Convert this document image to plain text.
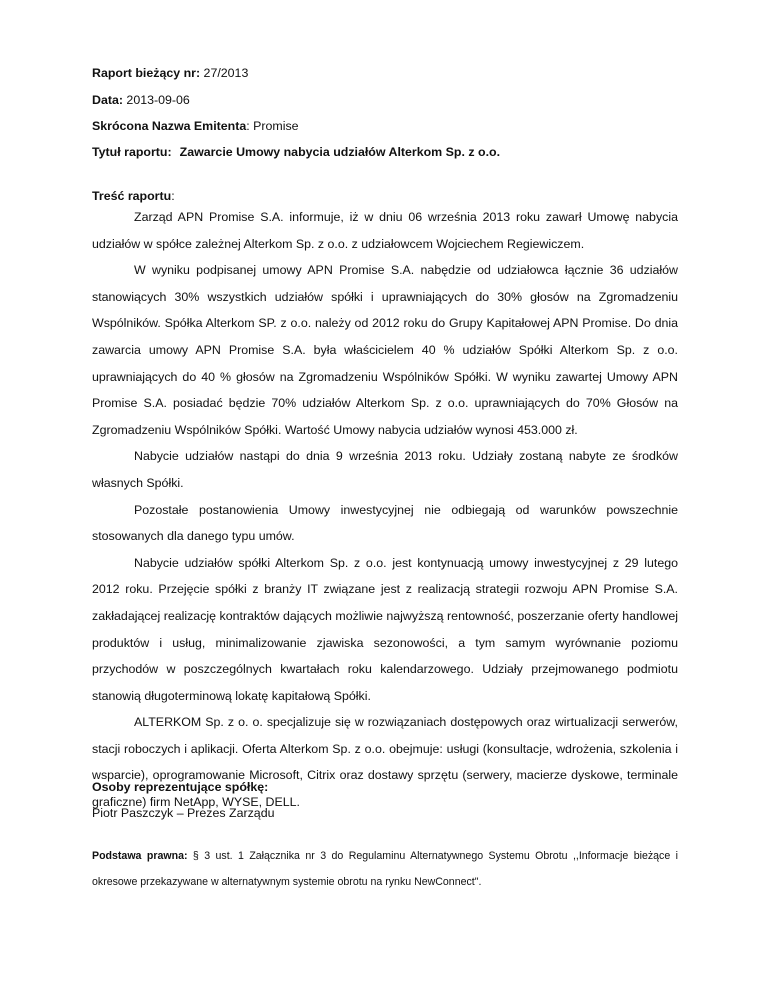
Raport bieżący nr: 27/2013
Data: 2013-09-06
Skrócona Nazwa Emitenta: Promise
Tytuł raportu: Zawarcie Umowy nabycia udziałów Alterkom Sp. z o.o.
Treść raportu:

Zarząd APN Promise S.A. informuje, iż w dniu 06 września 2013 roku zawarł Umowę nabycia udziałów w spółce zależnej Alterkom Sp. z o.o. z udziałowcem Wojciechem Regiewiczem.

W wyniku podpisanej umowy APN Promise S.A. nabędzie od udziałowca łącznie 36 udziałów stanowiących 30% wszystkich udziałów spółki i uprawniających do 30% głosów na Zgromadzeniu Wspólników. Spółka Alterkom SP. z o.o. należy od 2012 roku do Grupy Kapitałowej APN Promise. Do dnia zawarcia umowy APN Promise S.A. była właścicielem 40 % udziałów Spółki Alterkom Sp. z o.o. uprawniających do 40 % głosów na Zgromadzeniu Wspólników Spółki. W wyniku zawartej Umowy APN Promise S.A. posiadać będzie 70% udziałów Alterkom Sp. z o.o. uprawniających do 70% Głosów na Zgromadzeniu Wspólników Spółki. Wartość Umowy nabycia udziałów wynosi 453.000 zł.

Nabycie udziałów nastąpi do dnia 9 września 2013 roku. Udziały zostaną nabyte ze środków własnych Spółki.

Pozostałe postanowienia Umowy inwestycyjnej nie odbiegają od warunków powszechnie stosowanych dla danego typu umów.

Nabycie udziałów spółki Alterkom Sp. z o.o. jest kontynuacją umowy inwestycyjnej z 29 lutego 2012 roku. Przejęcie spółki z branży IT związane jest z realizacją strategii rozwoju APN Promise S.A. zakładającej realizację kontraktów dających możliwie najwyższą rentowność, poszerzanie oferty handlowej produktów i usług, minimalizowanie zjawiska sezonowości, a tym samym wyrównanie poziomu przychodów w poszczególnych kwartałach roku kalendarzowego. Udziały przejmowanego podmiotu stanowią długoterminową lokatę kapitałową Spółki.

ALTERKOM Sp. z o. o. specjalizuje się w rozwiązaniach dostępowych oraz wirtualizacji serwerów, stacji roboczych i aplikacji. Oferta Alterkom Sp. z o.o. obejmuje: usługi (konsultacje, wdrożenia, szkolenia i wsparcie), oprogramowanie Microsoft, Citrix oraz dostawy sprzętu (serwery, macierze dyskowe, terminale graficzne) firm NetApp, WYSE, DELL.

Osoby reprezentujące spółkę:
Piotr Paszczyk – Prezes Zarządu
Podstawa prawna: § 3 ust. 1 Załącznika nr 3 do Regulaminu Alternatywnego Systemu Obrotu ,,Informacje bieżące i okresowe przekazywane w alternatywnym systemie obrotu na rynku NewConnect".
